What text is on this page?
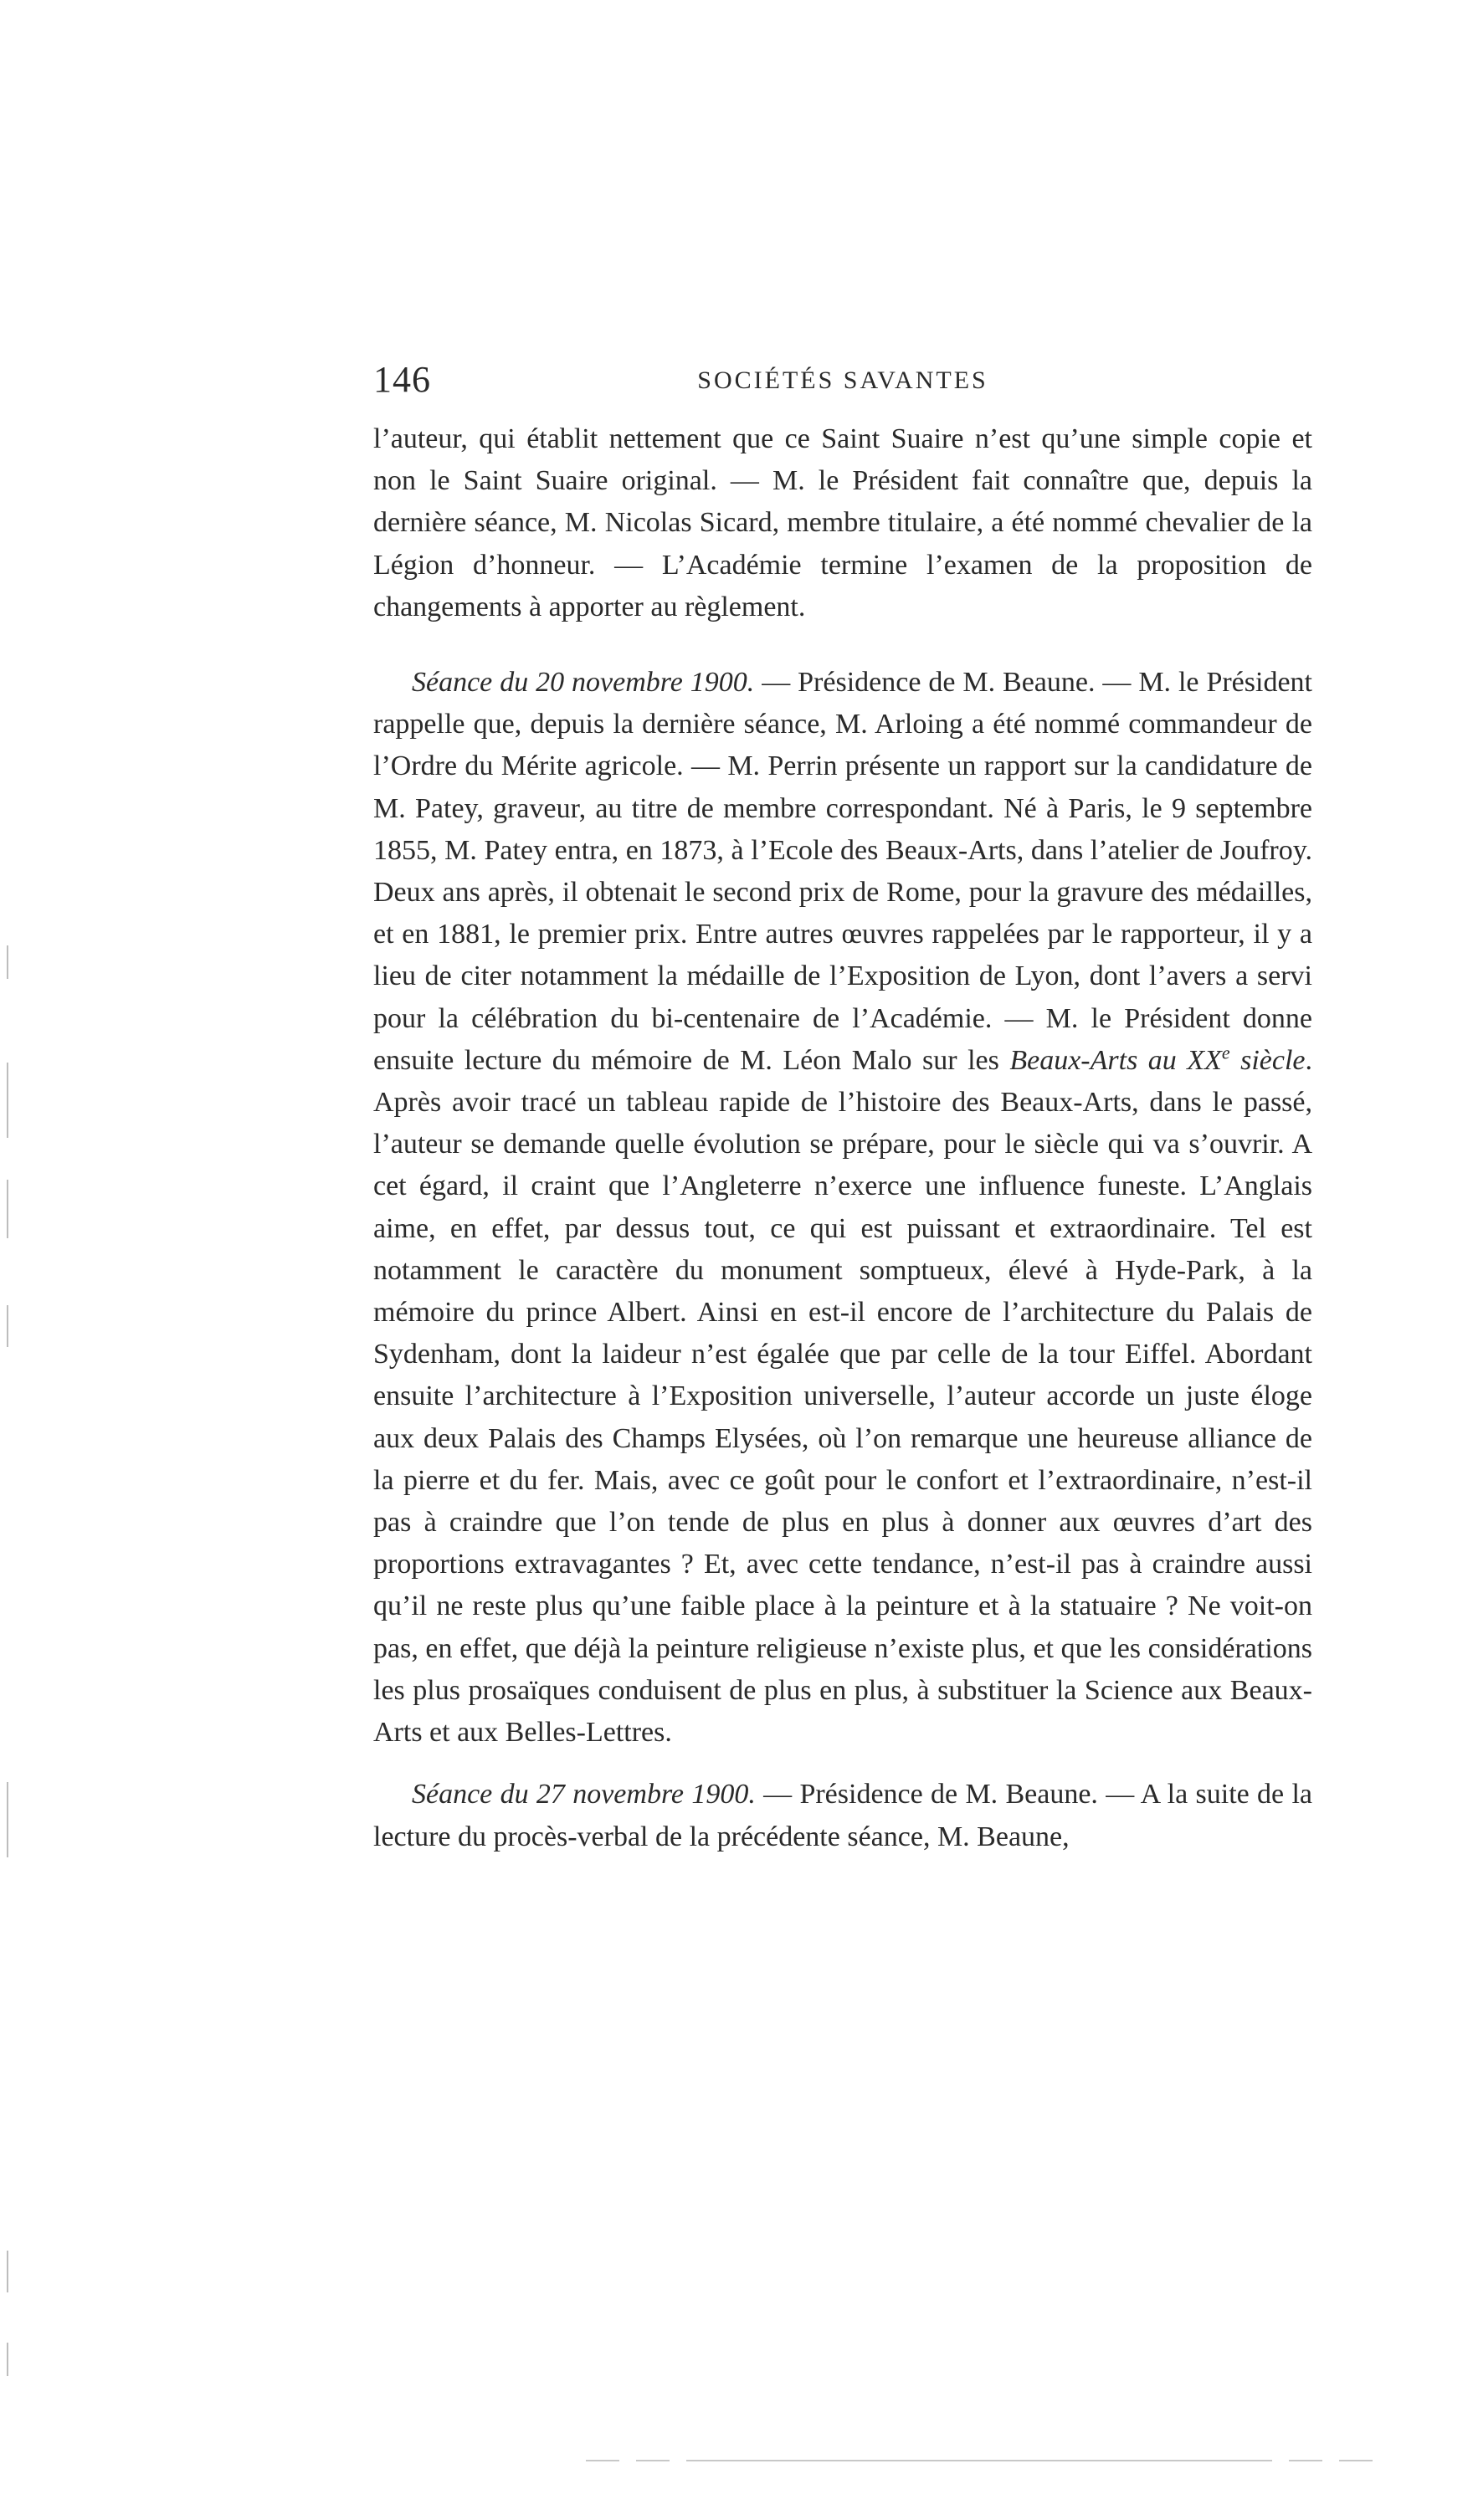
146	SOCIÉTÉS SAVANTES

l’auteur, qui établit nettement que ce Saint Suaire n’est qu’une simple copie et non le Saint Suaire original. — M. le Président fait connaître que, depuis la dernière séance, M. Nicolas Sicard, membre titulaire, a été nommé chevalier de la Légion d’honneur. — L’Académie termine l’examen de la proposition de changements à apporter au règlement.

Séance du 20 novembre 1900. — Présidence de M. Beaune. — M. le Président rappelle que, depuis la dernière séance, M. Arloing a été nommé commandeur de l’Ordre du Mérite agricole. — M. Perrin présente un rapport sur la candidature de M. Patey, graveur, au titre de membre correspondant. Né à Paris, le 9 septembre 1855, M. Patey entra, en 1873, à l’Ecole des Beaux-Arts, dans l’atelier de Joufroy. Deux ans après, il obtenait le second prix de Rome, pour la gravure des médailles, et en 1881, le premier prix. Entre autres œuvres rappelées par le rapporteur, il y a lieu de citer notamment la médaille de l’Exposition de Lyon, dont l’avers a servi pour la célébration du bi-centenaire de l’Académie. — M. le Président donne ensuite lecture du mémoire de M. Léon Malo sur les Beaux-Arts au XXe siècle. Après avoir tracé un tableau rapide de l’histoire des Beaux-Arts, dans le passé, l’auteur se demande quelle évolution se prépare, pour le siècle qui va s’ouvrir. A cet égard, il craint que l’Angleterre n’exerce une influence funeste. L’Anglais aime, en effet, par dessus tout, ce qui est puissant et extraordinaire. Tel est notamment le caractère du monument somptueux, élevé à Hyde-Park, à la mémoire du prince Albert. Ainsi en est-il encore de l’architecture du Palais de Sydenham, dont la laideur n’est égalée que par celle de la tour Eiffel. Abordant ensuite l’architecture à l’Exposition universelle, l’auteur accorde un juste éloge aux deux Palais des Champs Elysées, où l’on remarque une heureuse alliance de la pierre et du fer. Mais, avec ce goût pour le confort et l’extraordinaire, n’est-il pas à craindre que l’on tende de plus en plus à donner aux œuvres d’art des proportions extravagantes ? Et, avec cette tendance, n’est-il pas à craindre aussi qu’il ne reste plus qu’une faible place à la peinture et à la statuaire ? Ne voit-on pas, en effet, que déjà la peinture religieuse n’existe plus, et que les considérations les plus prosaïques conduisent de plus en plus, à substituer la Science aux Beaux-Arts et aux Belles-Lettres.

Séance du 27 novembre 1900. — Présidence de M. Beaune. — A la suite de la lecture du procès-verbal de la précédente séance, M. Beaune,
